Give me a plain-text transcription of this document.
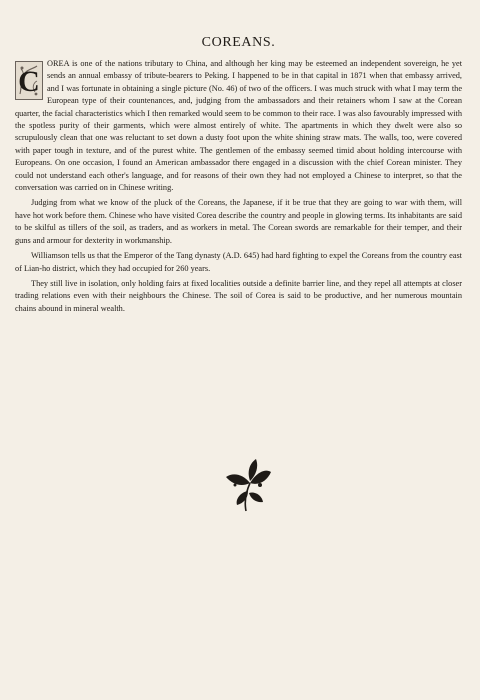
COREANS.

C
OREA is one of the nations tributary to China, and although her king may be esteemed an independent sovereign, he yet sends an annual embassy of tribute-bearers to Peking. I happened to be in that capital in 1871 when that embassy arrived, and I was fortunate in obtaining a single picture (No. 46) of two of the officers. I was much struck with what I may term the European type of their countenances, and, judging from the ambassadors and their retainers whom I saw at the Corean quarter, the facial characteristics which I then remarked would seem to be common to their race. I was also favourably impressed with the spotless purity of their garments, which were almost entirely of white. The apartments in which they dwelt were also so scrupulously clean that one was reluctant to set down a dusty foot upon the white shining straw mats. The walls, too, were covered with paper tough in texture, and of the purest white. The gentlemen of the embassy seemed timid about holding intercourse with Europeans. On one occasion, I found an American ambassador there engaged in a discussion with the chief Corean minister. They could not understand each other's language, and for reasons of their own they had not employed a Chinese to interpret, so that the conversation was carried on in Chinese writing.

Judging from what we know of the pluck of the Coreans, the Japanese, if it be true that they are going to war with them, will have hot work before them. Chinese who have visited Corea describe the country and people in glowing terms. Its inhabitants are said to be skilful as tillers of the soil, as traders, and as workers in metal. The Corean swords are remarkable for their temper, and their guns and armour for dexterity in workmanship.

Williamson tells us that the Emperor of the Tang dynasty (A.D. 645) had hard fighting to expel the Coreans from the country east of Lian-ho district, which they had occupied for 260 years.

They still live in isolation, only holding fairs at fixed localities outside a definite barrier line, and they repel all attempts at closer trading relations even with their neighbours the Chinese. The soil of Corea is said to be productive, and her numerous mountain chains abound in mineral wealth.
